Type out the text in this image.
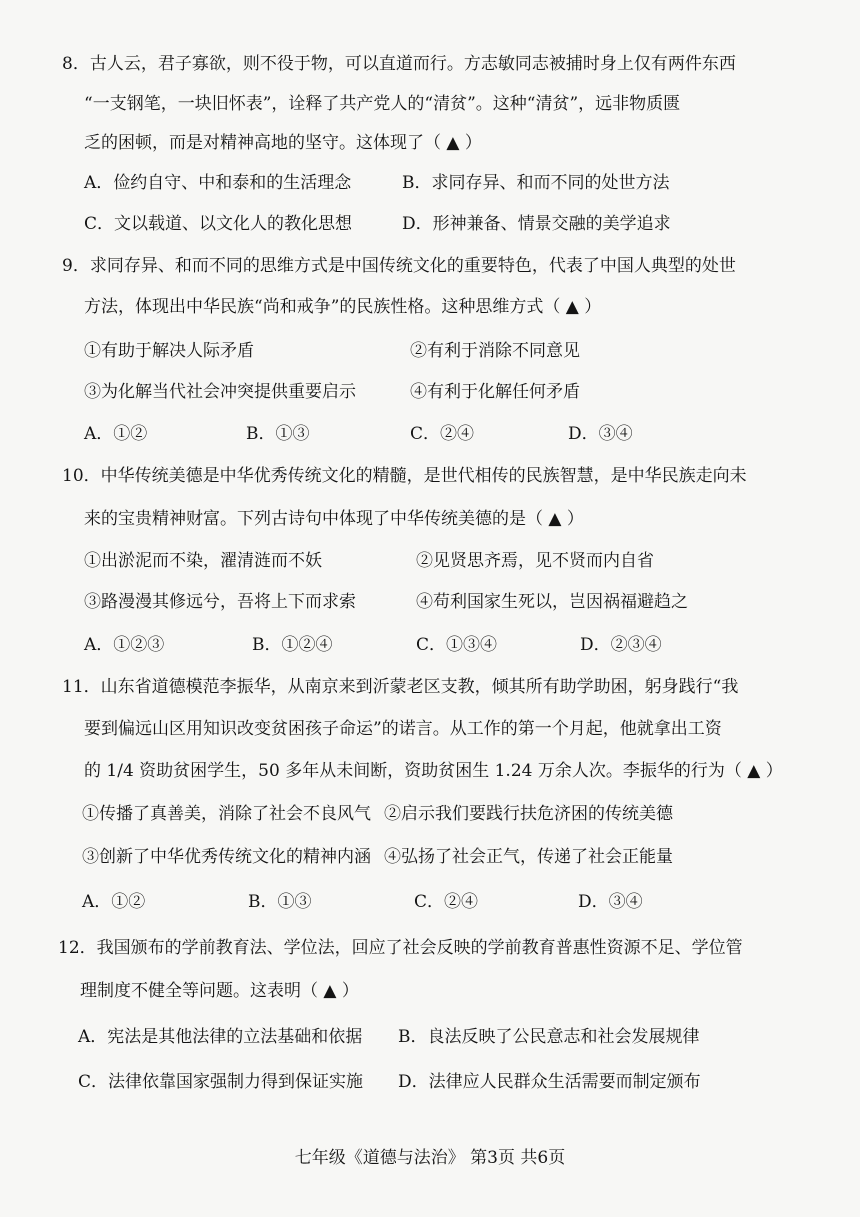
8．古人云，君子寡欲，则不役于物，可以直道而行。方志敏同志被捕时身上仅有两件东西
“一支钢笔，一块旧怀表”，诠释了共产党人的“清贫”。这种“清贫”，远非物质匮
乏的困顿，而是对精神高地的坚守。这体现了（ ▲ ）
A．俭约自守、中和泰和的生活理念	B．求同存异、和而不同的处世方法
C．文以载道、以文化人的教化思想	D．形神兼备、情景交融的美学追求
9．求同存异、和而不同的思维方式是中国传统文化的重要特色，代表了中国人典型的处世
方法，体现出中华民族“尚和戒争”的民族性格。这种思维方式（ ▲ ）
①有助于解决人际矛盾	②有利于消除不同意见
③为化解当代社会冲突提供重要启示	④有利于化解任何矛盾
A．①②	B．①③	C．②④	D．③④
10．中华传统美德是中华优秀传统文化的精髓，是世代相传的民族智慧，是中华民族走向未
来的宝贵精神财富。下列古诗句中体现了中华传统美德的是（ ▲ ）
①出淤泥而不染，濯清涟而不妖	②见贤思齐焉，见不贤而内自省
③路漫漫其修远兮，吾将上下而求索	④苟利国家生死以，岂因祸福避趋之
A．①②③	B．①②④	C．①③④	D．②③④
11．山东省道德模范李振华，从南京来到沂蒙老区支教，倾其所有助学助困，躬身践行“我
要到偏远山区用知识改变贫困孩子命运”的诺言。从工作的第一个月起，他就拿出工资
的 1/4 资助贫困学生，50 多年从未间断，资助贫困生 1.24 万余人次。李振华的行为（ ▲ ）
①传播了真善美，消除了社会不良风气 ②启示我们要践行扶危济困的传统美德
③创新了中华优秀传统文化的精神内涵 ④弘扬了社会正气，传递了社会正能量
A．①②	B．①③	C．②④	D．③④
12．我国颁布的学前教育法、学位法，回应了社会反映的学前教育普惠性资源不足、学位管
理制度不健全等问题。这表明（ ▲ ）
A．宪法是其他法律的立法基础和依据 B．良法反映了公民意志和社会发展规律
C．法律依靠国家强制力得到保证实施 D．法律应人民群众生活需要而制定颁布
七年级《道德与法治》 第3页 共6页
